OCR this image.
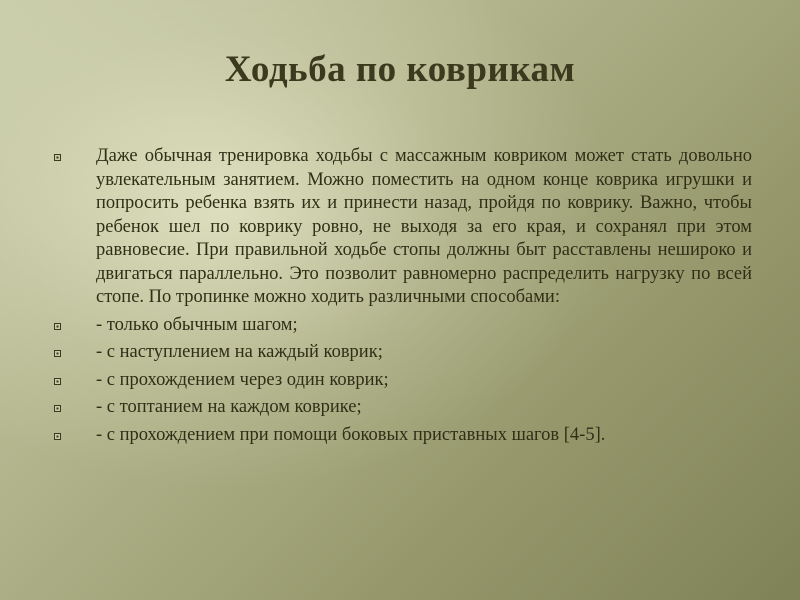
Ходьба по коврикам
Даже обычная тренировка ходьбы с массажным ковриком может стать довольно увлекательным занятием. Можно поместить на одном конце коврика игрушки и попросить ребенка взять их и принести назад, пройдя по коврику. Важно, чтобы ребенок шел по коврику ровно, не выходя за его края, и сохранял при этом равновесие. При правильной ходьбе стопы должны быт расставлены неширoко и двигаться параллельно. Это позволит равномерно распределить нагрузку по всей стопе. По тропинке можно ходить различными способами:
- только обычным шагом;
- с наступлением на каждый коврик;
- с прохождением через один коврик;
- с топтанием на каждом коврике;
- с прохождением при помощи боковых приставных шагов [4-5].
